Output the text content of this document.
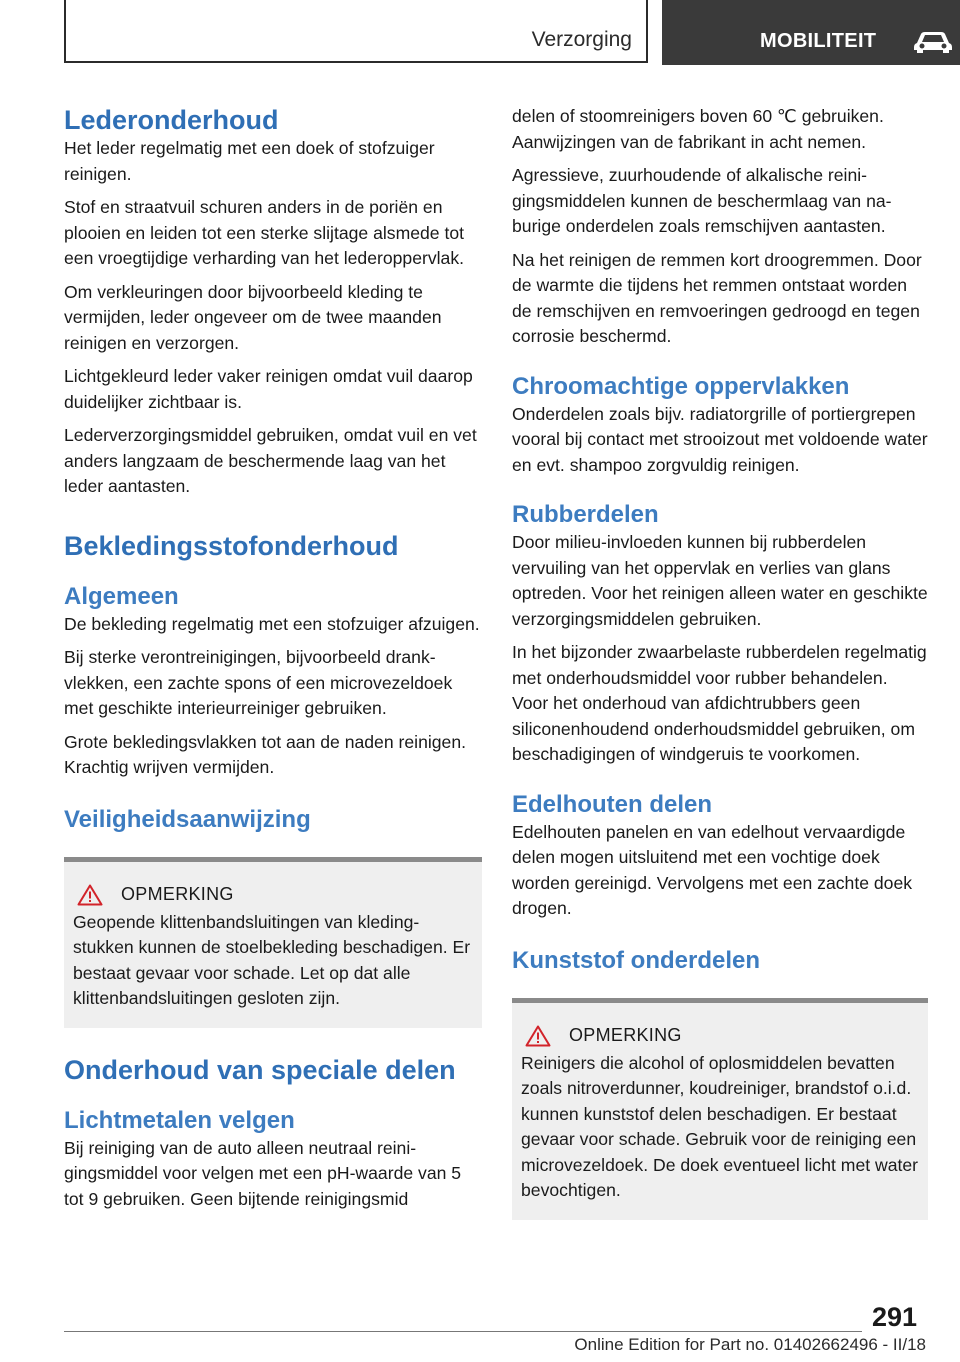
Verzorging	MOBILITEIT
Lederonderhoud

Het leder regelmatig met een doek of stofzuiger reinigen.

Stof en straatvuil schuren anders in de poriën en plooien en leiden tot een sterke slijtage alsmede tot een vroegtijdige verharding van het lederoppervlak.

Om verkleuringen door bijvoorbeeld kleding te vermijden, leder ongeveer om de twee maanden reinigen en verzorgen.

Lichtgekleurd leder vaker reinigen omdat vuil daarop duidelijker zichtbaar is.

Lederverzorgingsmiddel gebruiken, omdat vuil en vet anders langzaam de beschermende laag van het leder aantasten.

Bekledingsstofonderhoud
Algemeen

De bekleding regelmatig met een stofzuiger afzuigen.

Bij sterke verontreinigingen, bijvoorbeeld drankvlekken, een zachte spons of een microvezeldoek met geschikte interieurreiniger gebruiken.

Grote bekledingsvlakken tot aan de naden reinigen. Krachtig wrijven vermijden.

Veiligheidsaanwijzing
OPMERKING

Geopende klittenbandsluitingen van kledingstukken kunnen de stoelbekleding beschadigen. Er bestaat gevaar voor schade. Let op dat alle klittenbandsluitingen gesloten zijn.

Onderhoud van speciale delen
Lichtmetalen velgen

Bij reiniging van de auto alleen neutraal reinigingsmiddel voor velgen met een pH-waarde van 5 tot 9 gebruiken. Geen bijtende reinigingsmid

delen of stoomreinigers boven 60 ℃ gebruiken. Aanwijzingen van de fabrikant in acht nemen.

Agressieve, zuurhoudende of alkalische reinigingsmiddelen kunnen de beschermlaag van naburige onderdelen zoals remschijven aantasten.

Na het reinigen de remmen kort droogremmen. Door de warmte die tijdens het remmen ontstaat worden de remschijven en remvoeringen gedroogd en tegen corrosie beschermd.

Chroomachtige oppervlakken

Onderdelen zoals bijv. radiatorgrille of portiergrepen vooral bij contact met strooizout met voldoende water en evt. shampoo zorgvuldig reinigen.

Rubberdelen

Door milieu-invloeden kunnen bij rubberdelen vervuiling van het oppervlak en verlies van glans optreden. Voor het reinigen alleen water en geschikte verzorgingsmiddelen gebruiken.

In het bijzonder zwaarbelaste rubberdelen regelmatig met onderhoudsmiddel voor rubber behandelen. Voor het onderhoud van afdichtrubbers geen siliconenhoudend onderhoudsmiddel gebruiken, om beschadigingen of windgeruis te voorkomen.

Edelhouten delen

Edelhouten panelen en van edelhout vervaardigde delen mogen uitsluitend met een vochtige doek worden gereinigd. Vervolgens met een zachte doek drogen.

Kunststof onderdelen
OPMERKING

Reinigers die alcohol of oplosmiddelen bevatten zoals nitroverdunner, koudreiniger, brandstof o.i.d. kunnen kunststof delen beschadigen. Er bestaat gevaar voor schade. Gebruik voor de reiniging een microvezeldoek. De doek eventueel licht met water bevochtigen.

291
Online Edition for Part no. 01402662496 - II/18
